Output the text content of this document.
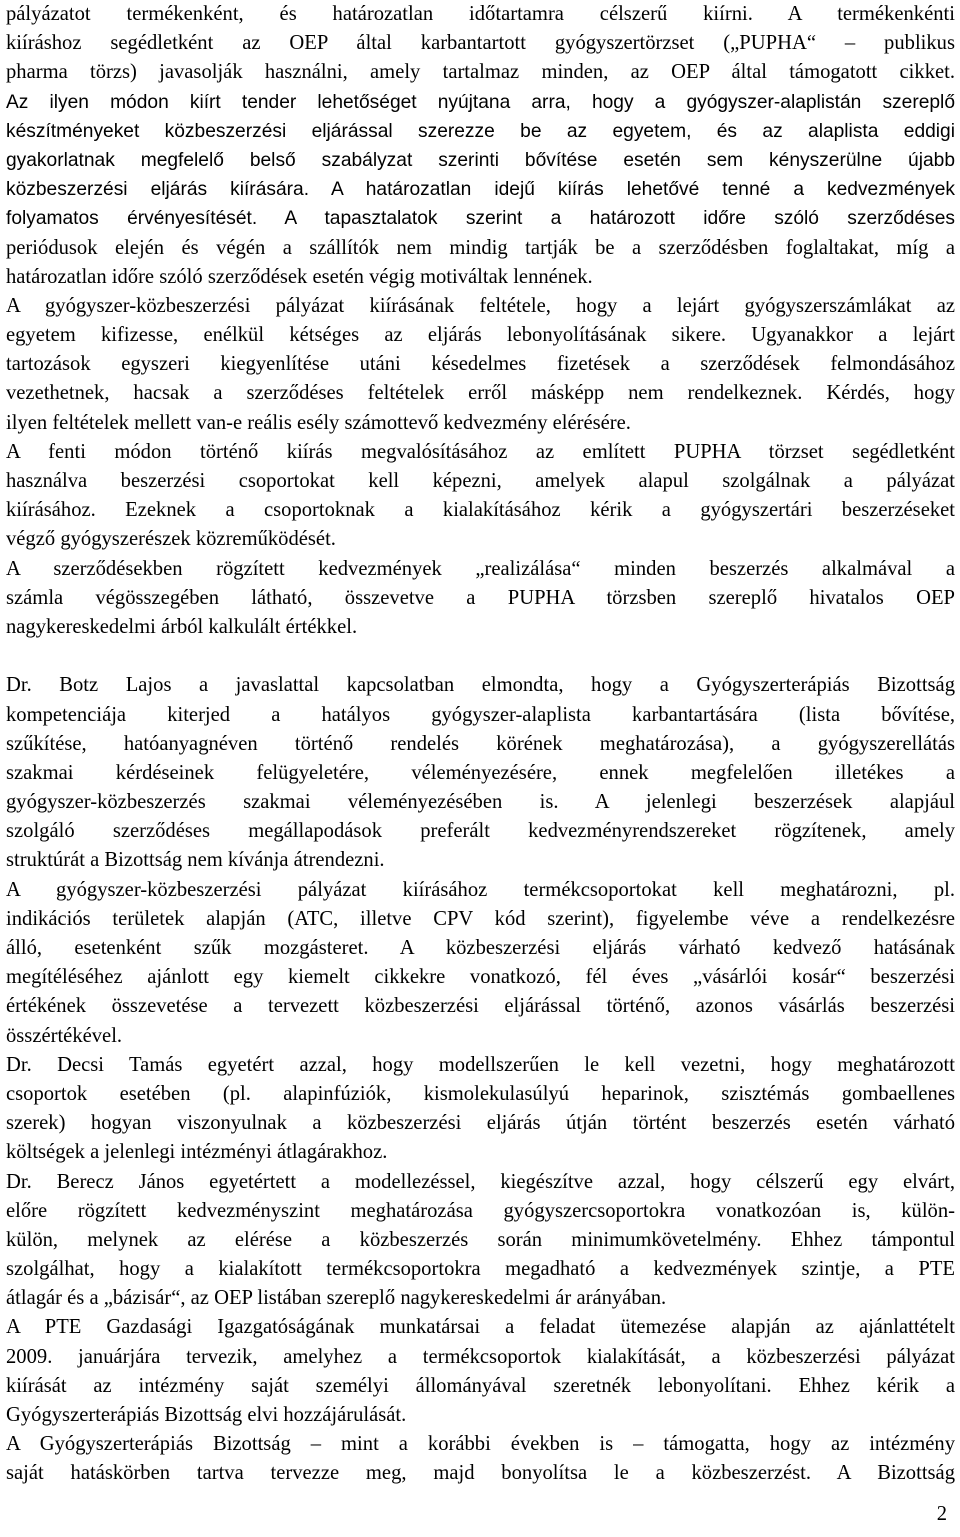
pályázatot termékenként, és határozatlan időtartamra célszerű kiírni. A termékenkénti
kiíráshoz segédletként az OEP által karbantartott gyógyszertörzset („PUPHA“ – publikus
pharma törzs) javasolják használni, amely tartalmaz minden, az OEP által támogatott cikket.
Az ilyen módon kiírt tender lehetőséget nyújtana arra, hogy a gyógyszer-alaplistán szereplő
készítményeket közbeszerzési eljárással szerezze be az egyetem, és az alaplista eddigi
gyakorlatnak megfelelő belső szabályzat szerinti bővítése esetén sem kényszerülne újabb
közbeszerzési eljárás kiírására. A határozatlan idejű kiírás lehetővé tenné a kedvezmények
folyamatos érvényesítését. A tapasztalatok szerint a határozott időre szóló szerződéses
periódusok elején és végén a szállítók nem mindig tartják be a szerződésben foglaltakat, míg a
határozatlan időre szóló szerződések esetén végig motiváltak lennének.
A gyógyszer-közbeszerzési pályázat kiírásának feltétele, hogy a lejárt gyógyszerszámlákat az
egyetem kifizesse, enélkül kétséges az eljárás lebonyolításának sikere. Ugyanakkor a lejárt
tartozások egyszeri kiegyenlítése utáni késedelmes fizetések a szerződések felmondásához
vezethetnek, hacsak a szerződéses feltételek erről másképp nem rendelkeznek. Kérdés, hogy
ilyen feltételek mellett van-e reális esély számottevő kedvezmény elérésére.
A fenti módon történő kiírás megvalósításához az említett PUPHA törzset segédletként
használva beszerzési csoportokat kell képezni, amelyek alapul szolgálnak a pályázat
kiírásához. Ezeknek a csoportoknak a kialakításához kérik a gyógyszertári beszerzéseket
végző gyógyszerészek közreműködését.
A szerződésekben rögzített kedvezmények „realizálása“ minden beszerzés alkalmával a
számla végösszegében látható, összevetve a PUPHA törzsben szereplő hivatalos OEP
nagykereskedelmi árból kalkulált értékkel.
Dr. Botz Lajos a javaslattal kapcsolatban elmondta, hogy a Gyógyszerterápiás Bizottság
kompetenciája kiterjed a hatályos gyógyszer-alaplista karbantartására (lista bővítése,
szűkítése, hatóanyagnéven történő rendelés körének meghatározása), a gyógyszerellátás
szakmai kérdéseinek felügyeletére, véleményezésére, ennek megfelelően illetékes a
gyógyszer-közbeszerzés szakmai véleményezésében is. A jelenlegi beszerzések alapjául
szolgáló szerződéses megállapodások preferált kedvezményrendszereket rögzítenek, amely
struktúrát a Bizottság nem kívánja átrendezni.
A gyógyszer-közbeszerzési pályázat kiírásához termékcsoportokat kell meghatározni, pl.
indikációs területek alapján (ATC, illetve CPV kód szerint), figyelembe véve a rendelkezésre
álló, esetenként szűk mozgásteret. A közbeszerzési eljárás várható kedvező hatásának
megítéléséhez ajánlott egy kiemelt cikkekre vonatkozó, fél éves „vásárlói kosár“ beszerzési
értékének összevetése a tervezett közbeszerzési eljárással történő, azonos vásárlás beszerzési
összértékével.
Dr. Decsi Tamás egyetért azzal, hogy modellszerűen le kell vezetni, hogy meghatározott
csoportok esetében (pl. alapinfúziók, kismolekulasúlyú heparinok, szisztémás gombaellenes
szerek) hogyan viszonyulnak a közbeszerzési eljárás útján történt beszerzés esetén várható
költségek a jelenlegi intézményi átlagárakhoz.
Dr. Berecz János egyetértett a modellezéssel, kiegészítve azzal, hogy célszerű egy elvárt,
előre rögzített kedvezményszint meghatározása gyógyszercsoportokra vonatkozóan is, külön-
külön, melynek az elérése a közbeszerzés során minimumkövetelmény. Ehhez támpontul
szolgálhat, hogy a kialakított termékcsoportokra megadható a kedvezmények szintje, a PTE
átlagár és a „bázisár“, az OEP listában szereplő nagykereskedelmi ár arányában.
A PTE Gazdasági Igazgatóságának munkatársai a feladat ütemezése alapján az ajánlattételt
2009. januárjára tervezik, amelyhez a termékcsoportok kialakítását, a közbeszerzési pályázat
kiírását az intézmény saját személyi állományával szeretnék lebonyolítani. Ehhez kérik a
Gyógyszerterápiás Bizottság elvi hozzájárulását.
A Gyógyszerterápiás Bizottság – mint a korábbi években is – támogatta, hogy az intézmény
saját hatáskörben tartva tervezze meg, majd bonyolítsa le a közbeszerzést. A Bizottság
2
